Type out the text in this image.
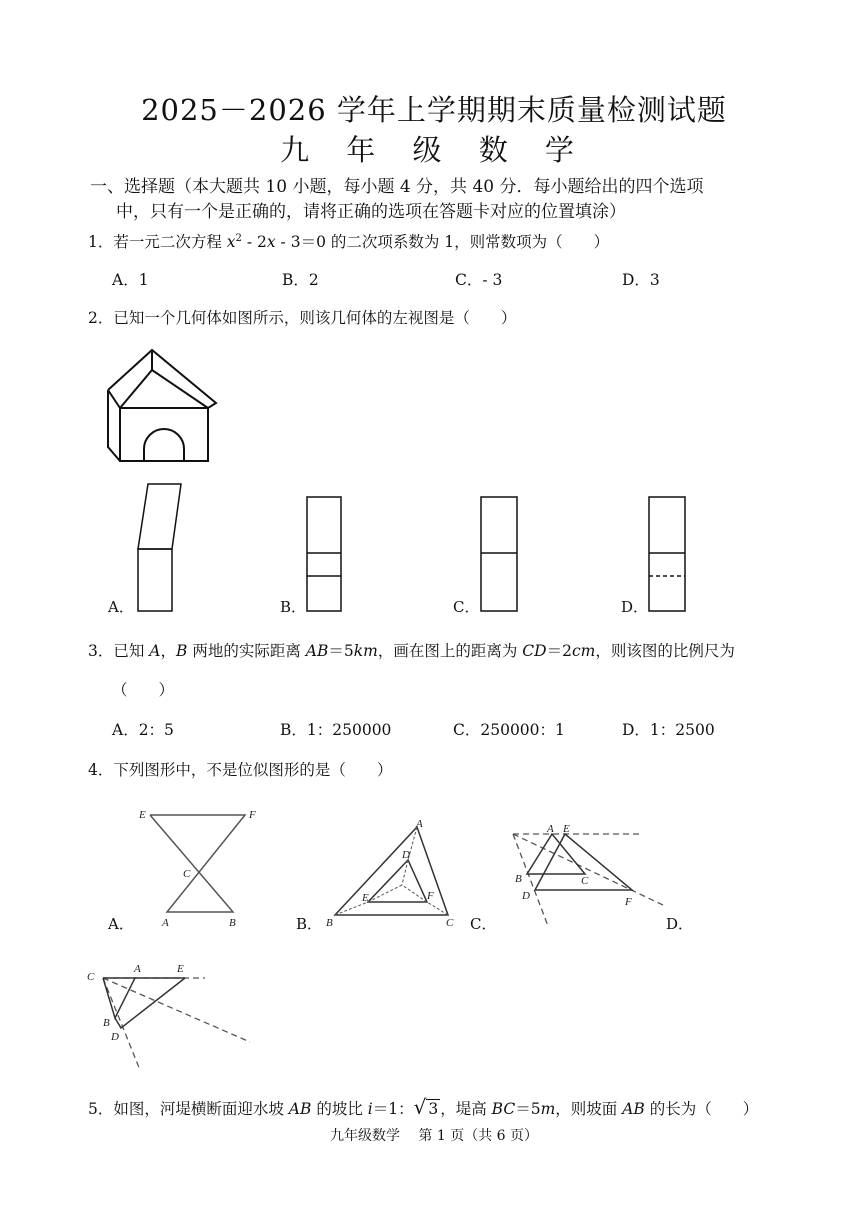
2025－2026 学年上学期期末质量检测试题
九 年 级 数 学
一、选择题（本大题共 10 小题，每小题 4 分，共 40 分．每小题给出的四个选项
中，只有一个是正确的，请将正确的选项在答题卡对应的位置填涂）
1．若一元二次方程 $x^2 - 2x - 3=0$ 的二次项系数为 1，则常数项为（　　）
A．1	B．2	C．- 3	D．3
2．已知一个几何体如图所示，则该几何体的左视图是（　　）
A．	B．	C．	D．
3．已知 A，B 两地的实际距离 AB＝5km，画在图上的距离为 CD＝2cm，则该图的比例尺为
（　　）
A．2：5	B．1：250000	C．250000：1	D．1：2500
4．下列图形中，不是位似图形的是（　　）
A．
E	F
C
A	B	B．
A
D
E	F
B	C C．
A E
B	C
D	F
D．
C
A	E
B
D
5．如图，河堤横断面迎水坡 AB 的坡比 i＝1：√ 3 ，堤高 BC＝5m，则坡面 AB 的长为（　　）
九年级数学　 第 1 页（共 6 页）
